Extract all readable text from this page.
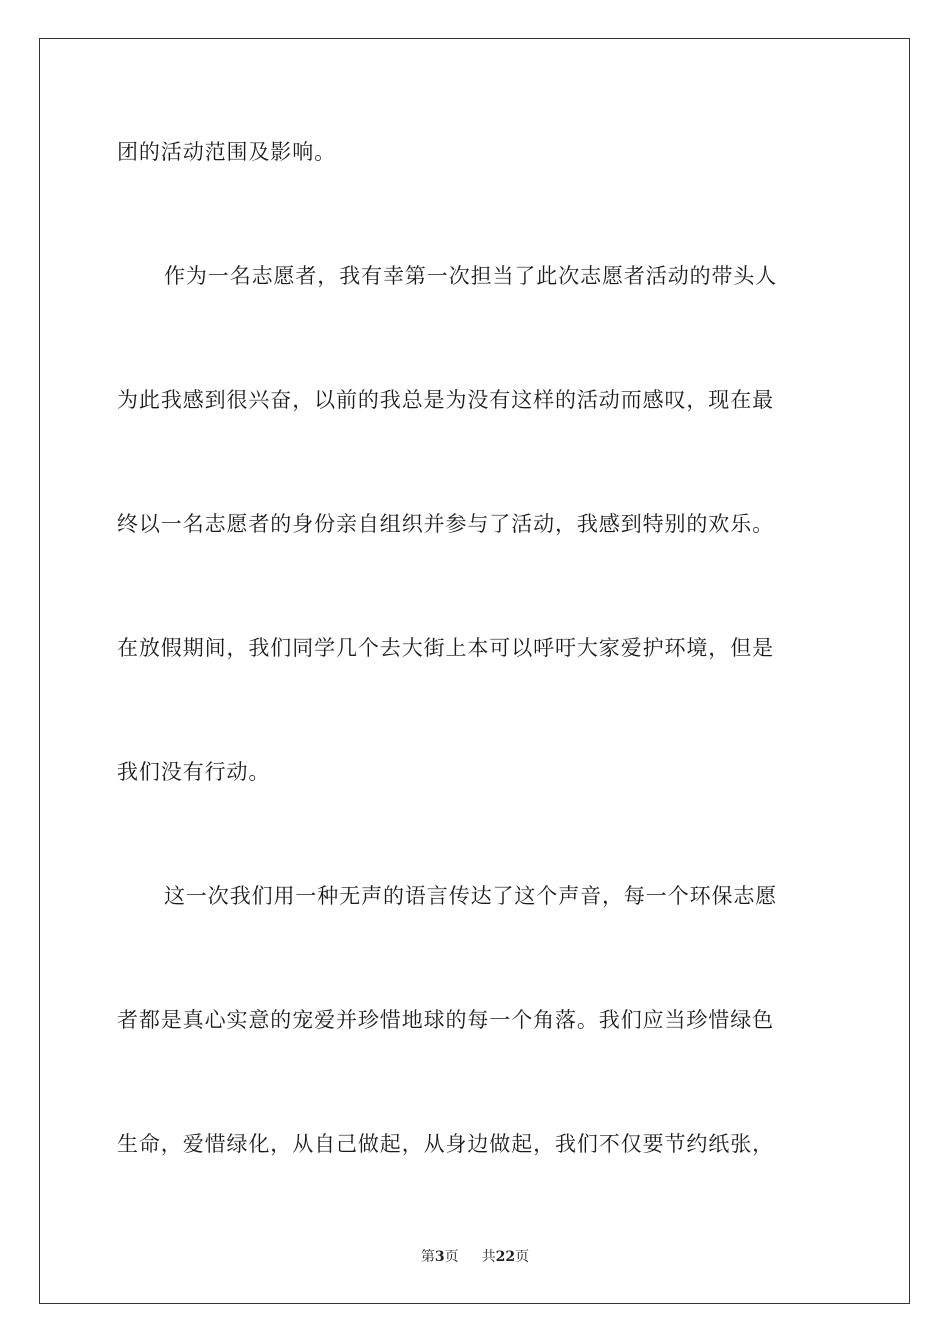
团的活动范围及影响。
作为一名志愿者，我有幸第一次担当了此次志愿者活动的带头人
为此我感到很兴奋，以前的我总是为没有这样的活动而感叹，现在最
终以一名志愿者的身份亲自组织并参与了活动，我感到特别的欢乐。
在放假期间，我们同学几个去大街上本可以呼吁大家爱护环境，但是
我们没有行动。
这一次我们用一种无声的语言传达了这个声音，每一个环保志愿
者都是真心实意的宠爱并珍惜地球的每一个角落。我们应当珍惜绿色
生命，爱惜绿化，从自己做起，从身边做起，我们不仅要节约纸张，
第3页 共22页
